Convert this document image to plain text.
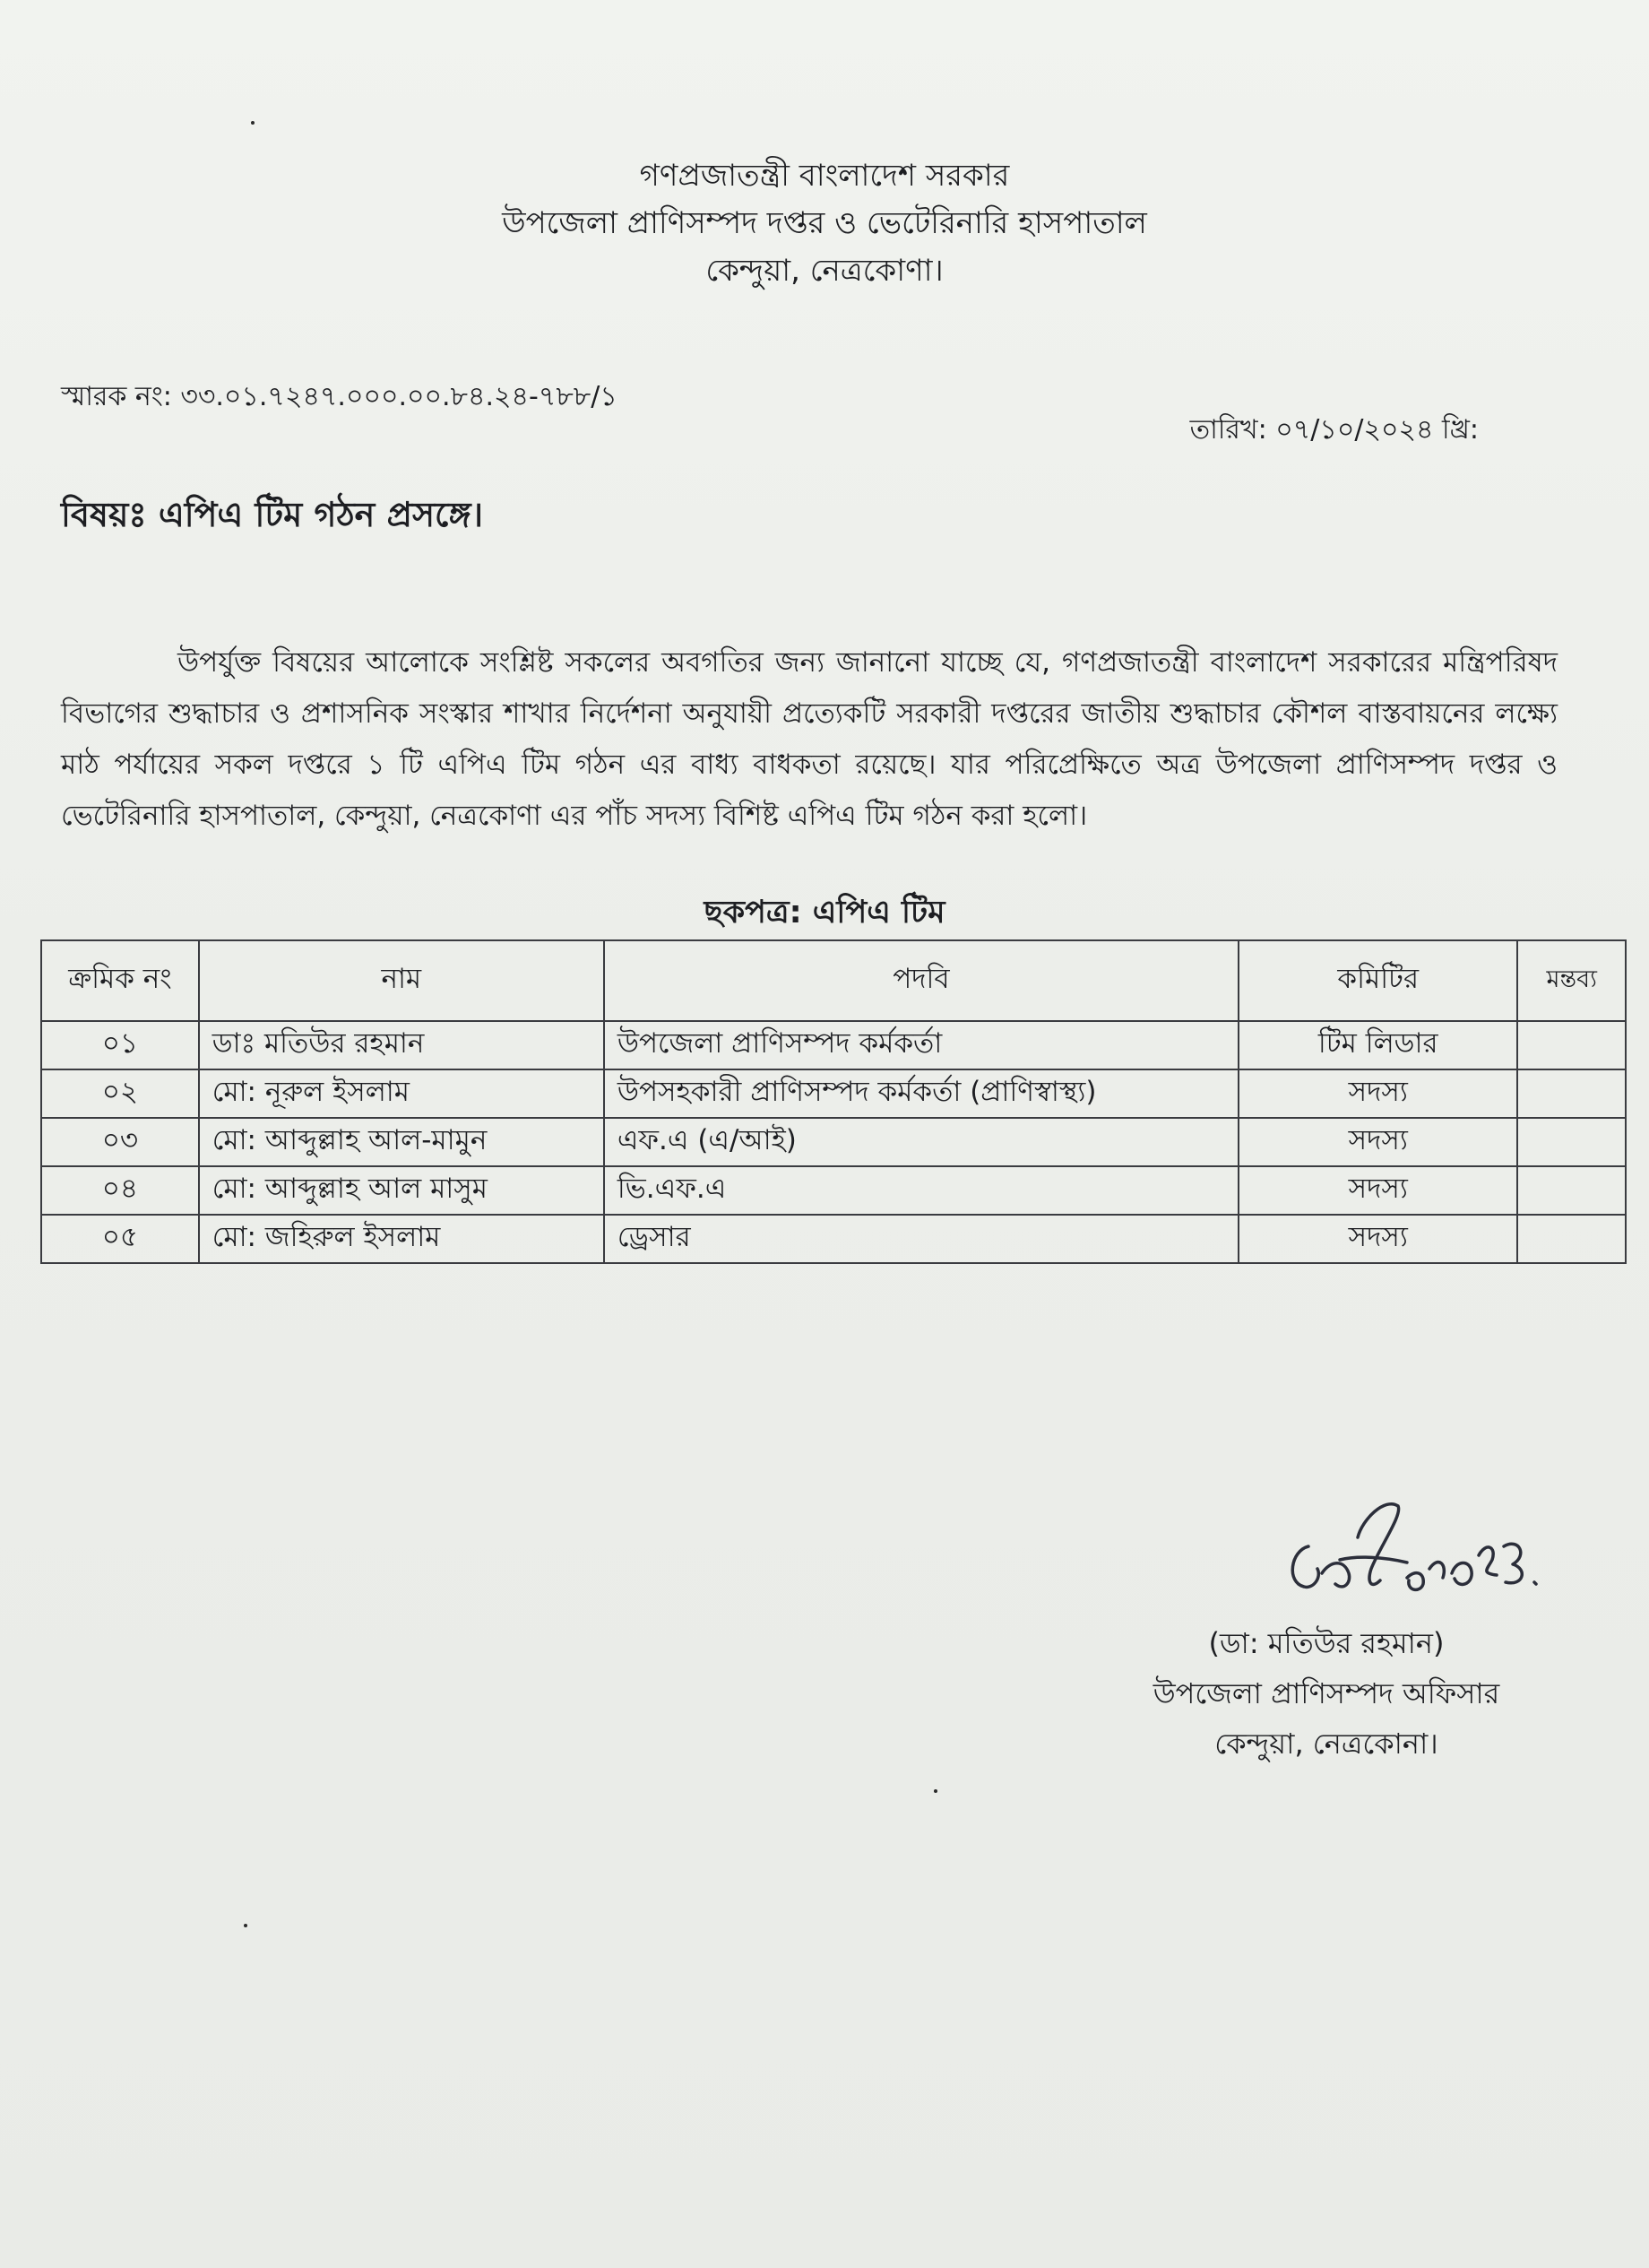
গণপ্রজাতন্ত্রী বাংলাদেশ সরকার
উপজেলা প্রাণিসম্পদ দপ্তর ও ভেটেরিনারি হাসপাতাল
কেন্দুয়া, নেত্রকোণা।
স্মারক নং: ৩৩.০১.৭২৪৭.০০০.০০.৮৪.২৪-৭৮৮/১
তারিখ: ০৭/১০/২০২৪ খ্রি:
বিষয়ঃ এপিএ টিম গঠন প্রসঙ্গে।

উপর্যুক্ত বিষয়ের আলোকে সংশ্লিষ্ট সকলের অবগতির জন্য জানানো যাচ্ছে যে, গণপ্রজাতন্ত্রী বাংলাদেশ সরকারের মন্ত্রিপরিষদ বিভাগের শুদ্ধাচার ও প্রশাসনিক সংস্কার শাখার নির্দেশনা অনুযায়ী প্রত্যেকটি সরকারী দপ্তরের জাতীয় শুদ্ধাচার কৌশল বাস্তবায়নের লক্ষ্যে মাঠ পর্যায়ের সকল দপ্তরে ১ টি এপিএ টিম গঠন এর বাধ্য বাধকতা রয়েছে। যার পরিপ্রেক্ষিতে অত্র উপজেলা প্রাণিসম্পদ দপ্তর ও ভেটেরিনারি হাসপাতাল, কেন্দুয়া, নেত্রকোণা এর পাঁচ সদস্য বিশিষ্ট এপিএ টিম গঠন করা হলো।

ছকপত্র: এপিএ টিম
ক্রমিক নং	নাম	পদবি	কমিটির	মন্তব্য
০১	ডাঃ মতিউর রহমান	উপজেলা প্রাণিসম্পদ কর্মকর্তা	টিম লিডার	
০২	মো: নূরুল ইসলাম	উপসহকারী প্রাণিসম্পদ কর্মকর্তা (প্রাণিস্বাস্থ্য)	সদস্য	
০৩	মো: আব্দুল্লাহ আল-মামুন	এফ.এ (এ/আই)	সদস্য	
০৪	মো: আব্দুল্লাহ আল মাসুম	ভি.এফ.এ	সদস্য	
০৫	মো: জহিরুল ইসলাম	ড্রেসার	সদস্য	
(ডা: মতিউর রহমান)
উপজেলা প্রাণিসম্পদ অফিসার
কেন্দুয়া, নেত্রকোনা।
